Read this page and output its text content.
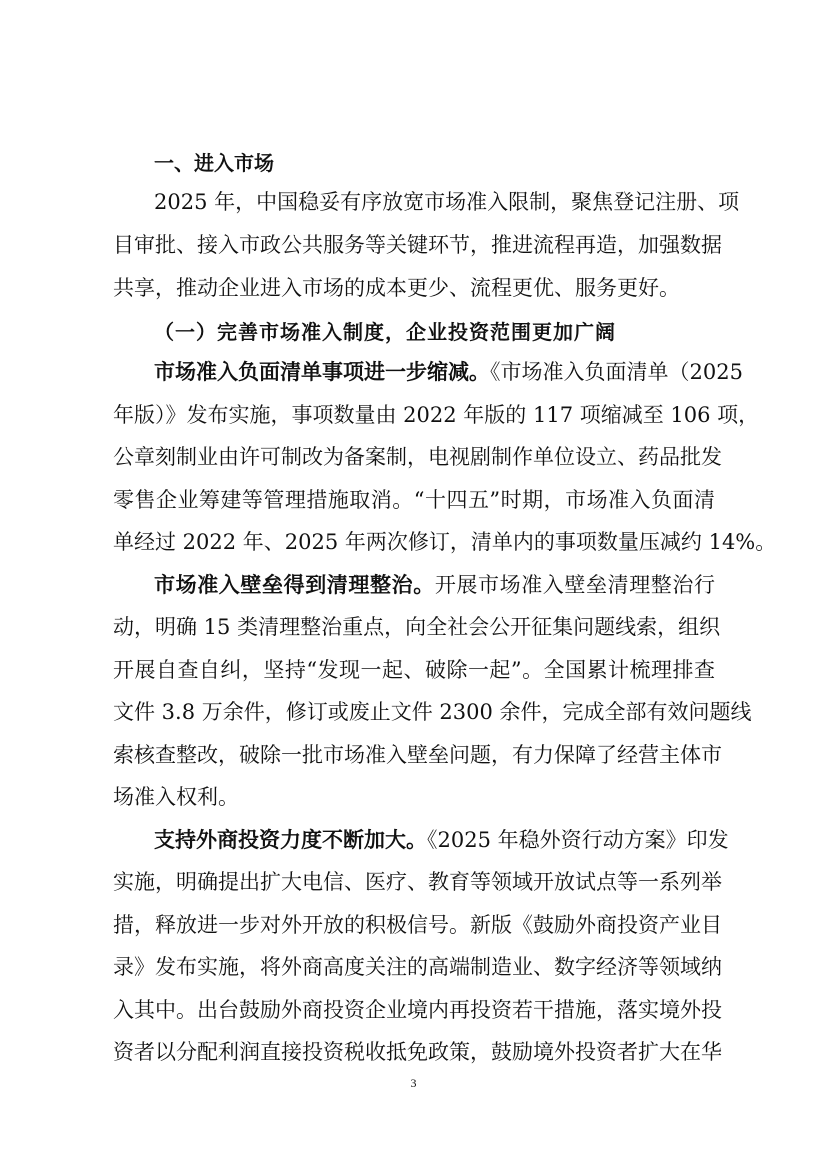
一、进入市场
2025 年，中国稳妥有序放宽市场准入限制，聚焦登记注册、项
目审批、接入市政公共服务等关键环节，推进流程再造，加强数据
共享，推动企业进入市场的成本更少、流程更优、服务更好。
（一）完善市场准入制度，企业投资范围更加广阔
市场准入负面清单事项进一步缩减。《市场准入负面清单（2025
年版）》发布实施，事项数量由 2022 年版的 117 项缩减至 106 项，
公章刻制业由许可制改为备案制，电视剧制作单位设立、药品批发
零售企业筹建等管理措施取消。“十四五”时期，市场准入负面清
单经过 2022 年、2025 年两次修订，清单内的事项数量压减约 14%。
市场准入壁垒得到清理整治。开展市场准入壁垒清理整治行
动，明确 15 类清理整治重点，向全社会公开征集问题线索，组织
开展自查自纠，坚持“发现一起、破除一起”。全国累计梳理排查
文件 3.8 万余件，修订或废止文件 2300 余件，完成全部有效问题线
索核查整改，破除一批市场准入壁垒问题，有力保障了经营主体市
场准入权利。
支持外商投资力度不断加大。《2025 年稳外资行动方案》印发
实施，明确提出扩大电信、医疗、教育等领域开放试点等一系列举
措，释放进一步对外开放的积极信号。新版《鼓励外商投资产业目
录》发布实施，将外商高度关注的高端制造业、数字经济等领域纳
入其中。出台鼓励外商投资企业境内再投资若干措施，落实境外投
资者以分配利润直接投资税收抵免政策，鼓励境外投资者扩大在华
3
